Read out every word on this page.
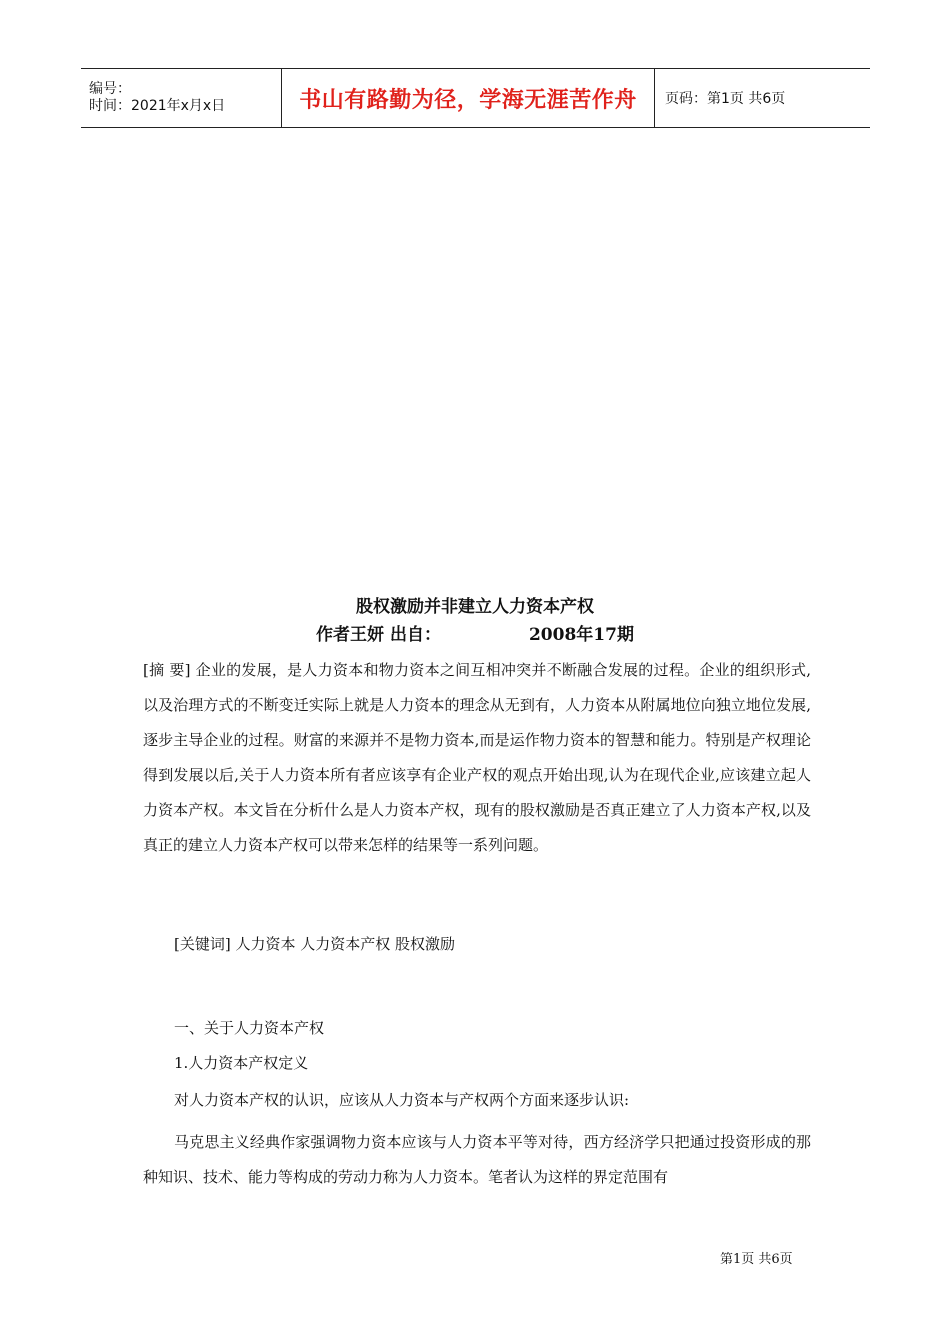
编号：
时间：2021年x月x日	书山有路勤为径，学海无涯苦作舟 页码：第1页 共6页
股权激励并非建立人力资本产权
作者王妍 出自：	2008年17期
[摘 要] 企业的发展，是人力资本和物力资本之间互相冲突并不断融合发展的过程。企业的组织形式,以及治理方式的不断变迁实际上就是人力资本的理念从无到有，人力资本从附属地位向独立地位发展,逐步主导企业的过程。财富的来源并不是物力资本,而是运作物力资本的智慧和能力。特别是产权理论得到发展以后,关于人力资本所有者应该享有企业产权的观点开始出现,认为在现代企业,应该建立起人力资本产权。本文旨在分析什么是人力资本产权，现有的股权激励是否真正建立了人力资本产权,以及真正的建立人力资本产权可以带来怎样的结果等一系列问题。
[关键词] 人力资本 人力资本产权 股权激励
一、关于人力资本产权
1.人力资本产权定义
对人力资本产权的认识，应该从人力资本与产权两个方面来逐步认识:
马克思主义经典作家强调物力资本应该与人力资本平等对待，西方经济学只把通过投资形成的那种知识、技术、能力等构成的劳动力称为人力资本。笔者认为这样的界定范围有
第1页 共6页
